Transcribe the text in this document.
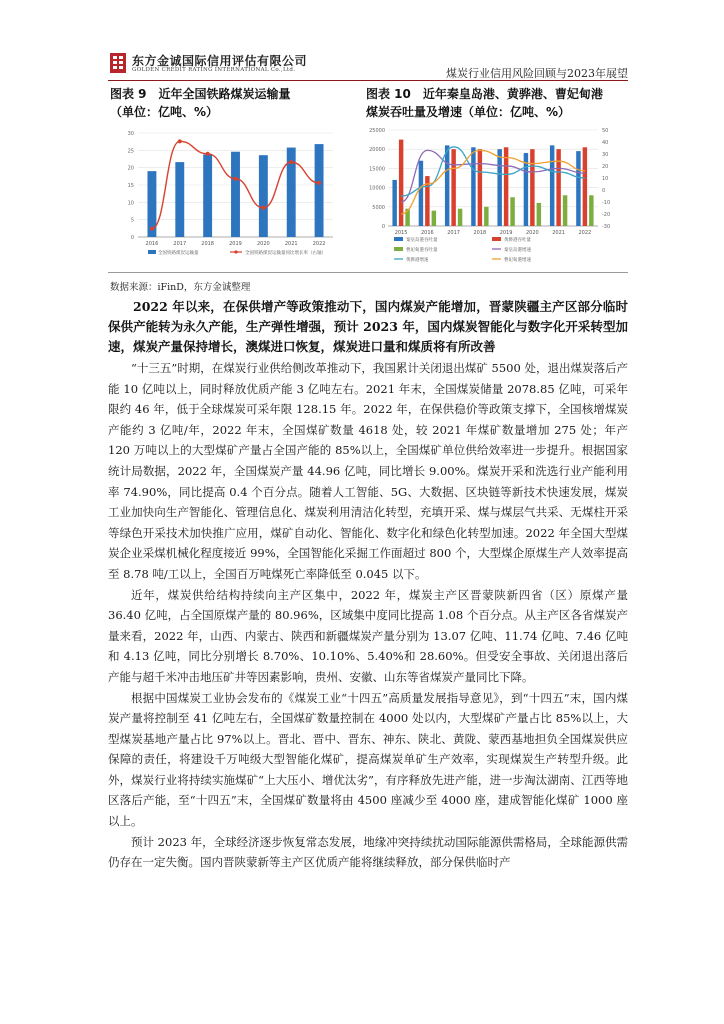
东方金诚国际信用评估有限公司
GOLDEN CREDIT RATING INTERNATIONAL Co.,Ltd.	煤炭行业信用风险回顾与2023年展望
图表 9　近年全国铁路煤炭运输量
（单位：亿吨、%）
图表 10　近年秦皇岛港、黄骅港、曹妃甸港
煤炭吞吐量及增速（单位：亿吨、%）
0
5
10
15
20
25
30
2016	2017	2018	2019	2020	2021	2022
全国铁路煤炭运输量	全国铁路煤炭运输量同比增长率（右轴）
0
5000
10000
15000
20000
25000
-30
-20
-10
0
10
20
30
40
50
2015	2016	2017	2018	2019	2020	2021	2022
秦皇岛港吞吐量	黄骅港吞吐量
曹妃甸港吞吐量	秦皇岛港增速
黄骅港增速	曹妃甸港增速
数据来源：iFinD，东方金诚整理
2022 年以来，在保供增产等政策推动下，国内煤炭产能增加，晋蒙陕疆主产区部分临时保供产能转为永久产能，生产弹性增强，预计 2023 年，国内煤炭智能化与数字化开采转型加速，煤炭产量保持增长，澳煤进口恢复，煤炭进口量和煤质将有所改善

“十三五”时期，在煤炭行业供给侧改革推动下，我国累计关闭退出煤矿 5500 处，退出煤炭落后产能 10 亿吨以上，同时释放优质产能 3 亿吨左右。2021 年末，全国煤炭储量 2078.85 亿吨，可采年限约 46 年，低于全球煤炭可采年限 128.15 年。2022 年，在保供稳价等政策支撑下，全国核增煤炭产能约 3 亿吨/年，2022 年末，全国煤矿数量 4618 处，较 2021 年煤矿数量增加 275 处；年产 120 万吨以上的大型煤矿产量占全国产能的 85%以上，全国煤矿单位供给效率进一步提升。根据国家统计局数据，2022 年，全国煤炭产量 44.96 亿吨，同比增长 9.00%。煤炭开采和洗选行业产能利用率 74.90%，同比提高 0.4 个百分点。随着人工智能、5G、大数据、区块链等新技术快速发展，煤炭工业加快向生产智能化、管理信息化、煤炭利用清洁化转型，充填开采、煤与煤层气共采、无煤柱开采等绿色开采技术加快推广应用，煤矿自动化、智能化、数字化和绿色化转型加速。2022 年全国大型煤炭企业采煤机械化程度接近 99%，全国智能化采掘工作面超过 800 个，大型煤企原煤生产人效率提高至 8.78 吨/工以上，全国百万吨煤死亡率降低至 0.045 以下。

近年，煤炭供给结构持续向主产区集中，2022 年，煤炭主产区晋蒙陕新四省（区）原煤产量 36.40 亿吨，占全国原煤产量的 80.96%，区域集中度同比提高 1.08 个百分点。从主产区各省煤炭产量来看，2022 年，山西、内蒙古、陕西和新疆煤炭产量分别为 13.07 亿吨、11.74 亿吨、7.46 亿吨和 4.13 亿吨，同比分别增长 8.70%、10.10%、5.40%和 28.60%。但受安全事故、关闭退出落后产能与超千米冲击地压矿井等因素影响，贵州、安徽、山东等省煤炭产量同比下降。

根据中国煤炭工业协会发布的《煤炭工业“十四五”高质量发展指导意见》，到“十四五”末，国内煤炭产量将控制至 41 亿吨左右，全国煤矿数量控制在 4000 处以内，大型煤矿产量占比 85%以上，大型煤炭基地产量占比 97%以上。晋北、晋中、晋东、神东、陕北、黄陇、蒙西基地担负全国煤炭供应保障的责任，将建设千万吨级大型智能化煤矿，提高煤炭单矿生产效率，实现煤炭生产转型升级。此外，煤炭行业将持续实施煤矿“上大压小、增优汰劣”，有序释放先进产能，进一步淘汰湖南、江西等地区落后产能，至“十四五”末，全国煤矿数量将由 4500 座减少至 4000 座，建成智能化煤矿 1000 座以上。

预计 2023 年，全球经济逐步恢复常态发展，地缘冲突持续扰动国际能源供需格局，全球能源供需仍存在一定失衡。国内晋陕蒙新等主产区优质产能将继续释放，部分保供临时产
